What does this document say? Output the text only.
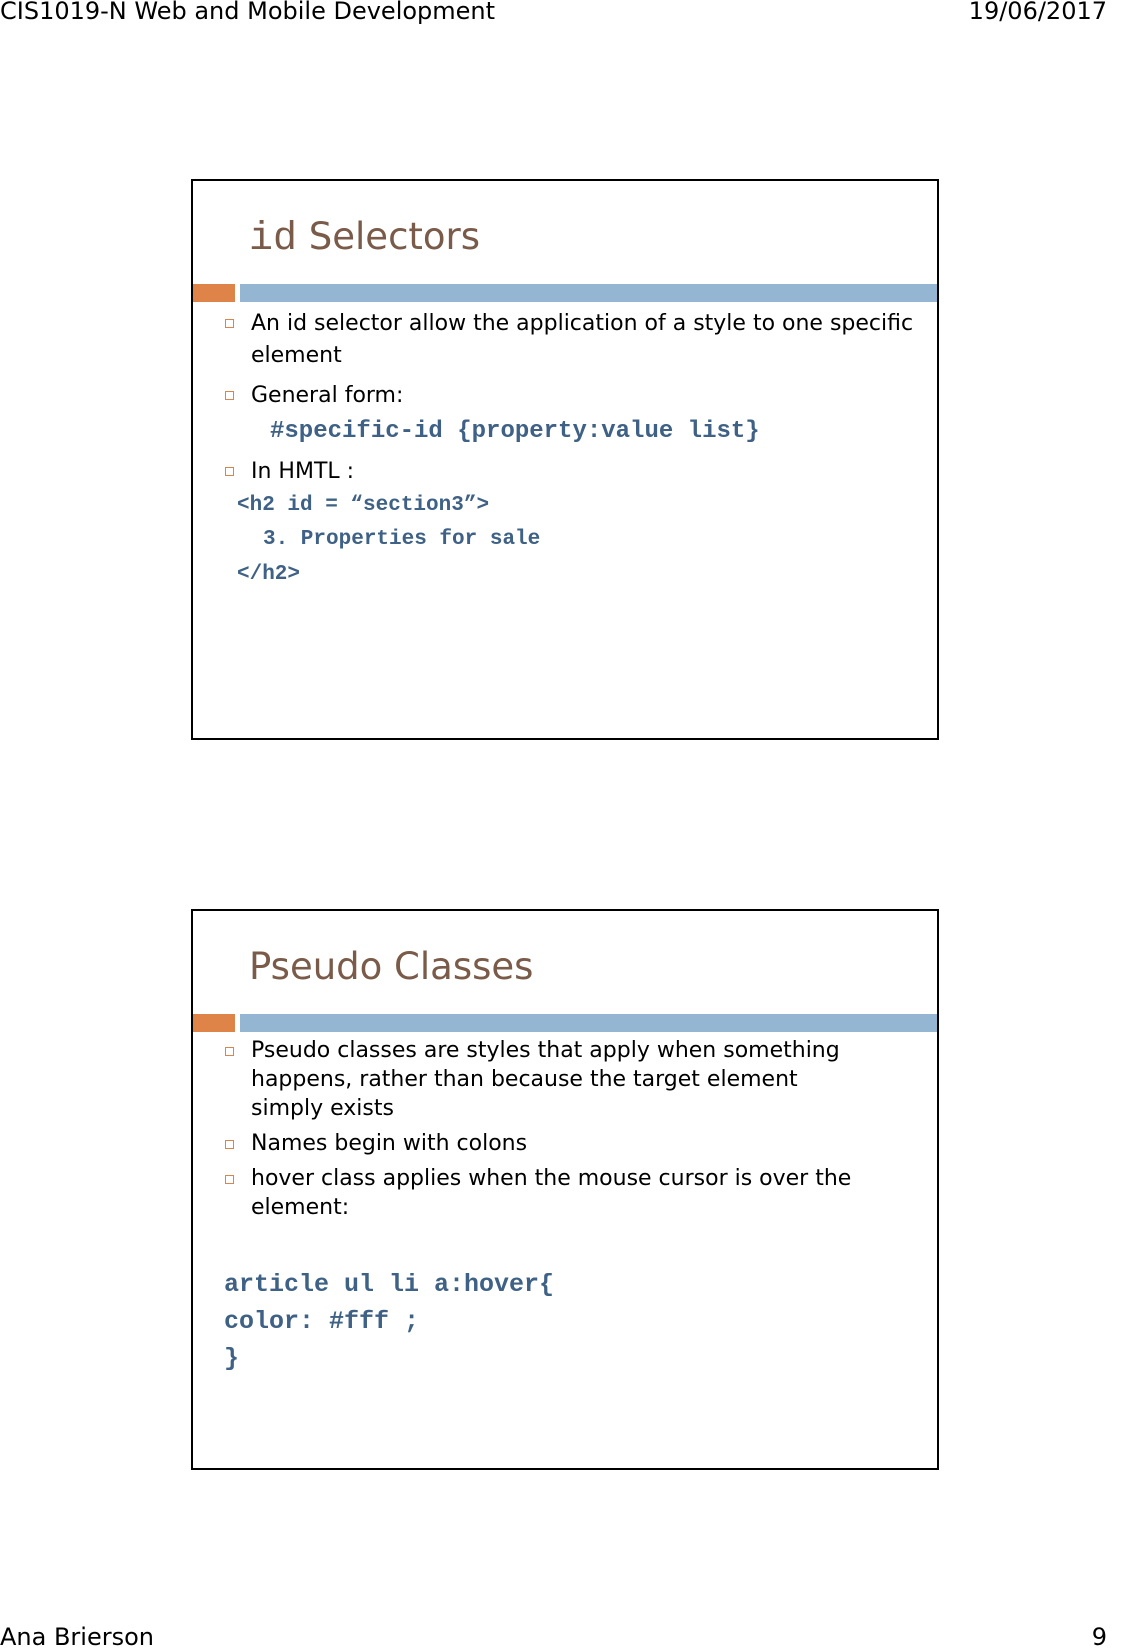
CIS1019-N Web and Mobile Development	19/06/2017
id Selectors
An id selector allow the application of a style to one specific element
General form:
In HMTL :
#specific-id {property:value list}
<h2 id = “section3”>
3. Properties for sale
</h2>
Pseudo Classes
Pseudo classes are styles that apply when something happens, rather than because the target element simply exists
Names begin with colons
hover class applies when the mouse cursor is over the element:
article ul li a:hover{
color: #fff ;
}
Ana Brierson	9
